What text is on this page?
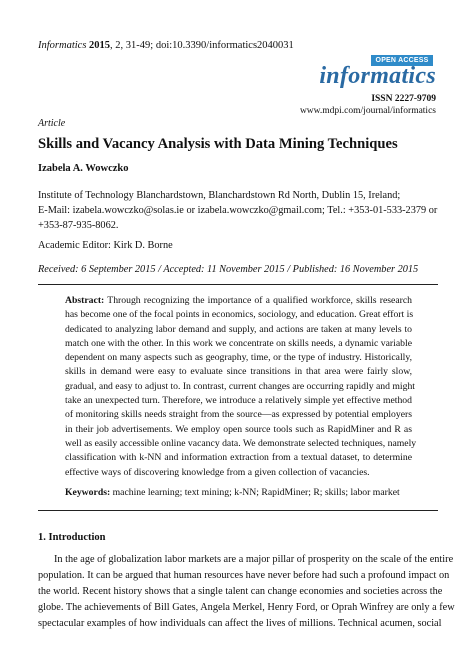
Informatics 2015, 2, 31-49; doi:10.3390/informatics2040031
OPEN ACCESS
informatics
ISSN 2227-9709
www.mdpi.com/journal/informatics
Article
Skills and Vacancy Analysis with Data Mining Techniques
Izabela A. Wowczko
Institute of Technology Blanchardstown, Blanchardstown Rd North, Dublin 15, Ireland;
E-Mail: izabela.wowczko@solas.ie or izabela.wowczko@gmail.com; Tel.: +353-01-533-2379 or
+353-87-935-8062.
Academic Editor: Kirk D. Borne
Received: 6 September 2015 / Accepted: 11 November 2015 / Published: 16 November 2015
Abstract: Through recognizing the importance of a qualified workforce, skills research
has become one of the focal points in economics, sociology, and education. Great effort is
dedicated to analyzing labor demand and supply, and actions are taken at many levels to
match one with the other. In this work we concentrate on skills needs, a dynamic variable
dependent on many aspects such as geography, time, or the type of industry. Historically,
skills in demand were easy to evaluate since transitions in that area were fairly slow,
gradual, and easy to adjust to. In contrast, current changes are occurring rapidly and might
take an unexpected turn. Therefore, we introduce a relatively simple yet effective method
of monitoring skills needs straight from the source—as expressed by potential employers
in their job advertisements. We employ open source tools such as RapidMiner and R as
well as easily accessible online vacancy data. We demonstrate selected techniques, namely
classification with k-NN and information extraction from a textual dataset, to determine
effective ways of discovering knowledge from a given collection of vacancies.
Keywords: machine learning; text mining; k-NN; RapidMiner; R; skills; labor market
1. Introduction
In the age of globalization labor markets are a major pillar of prosperity on the scale of the entire
population. It can be argued that human resources have never before had such a profound impact on
the world. Recent history shows that a single talent can change economies and societies across the
globe. The achievements of Bill Gates, Angela Merkel, Henry Ford, or Oprah Winfrey are only a few
spectacular examples of how individuals can affect the lives of millions. Technical acumen, social
